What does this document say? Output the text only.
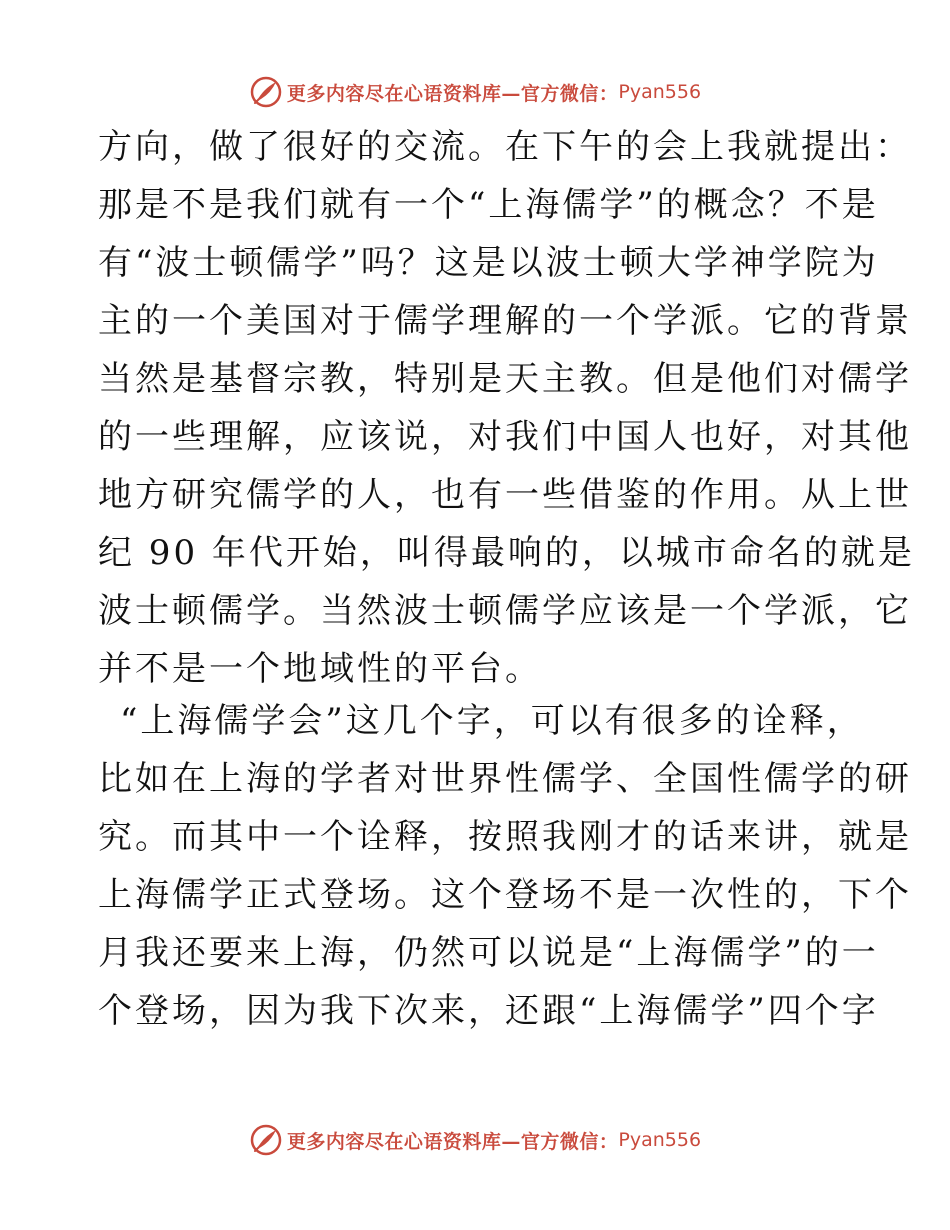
更多内容尽在心语资料库—官方微信： Pyan556
方向，做了很好的交流。在下午的会上我就提出：
那是不是我们就有一个“上海儒学”的概念？不是
有“波士顿儒学”吗？这是以波士顿大学神学院为
主的一个美国对于儒学理解的一个学派。它的背景
当然是基督宗教，特别是天主教。但是他们对儒学
的一些理解，应该说，对我们中国人也好，对其他
地方研究儒学的人，也有一些借鉴的作用。从上世
纪 90 年代开始，叫得最响的，以城市命名的就是
波士顿儒学。当然波士顿儒学应该是一个学派，它
并不是一个地域性的平台。
“上海儒学会”这几个字，可以有很多的诠释，
比如在上海的学者对世界性儒学、全国性儒学的研
究。而其中一个诠释，按照我刚才的话来讲，就是
上海儒学正式登场。这个登场不是一次性的，下个
月我还要来上海，仍然可以说是“上海儒学”的一
个登场，因为我下次来，还跟“上海儒学”四个字
更多内容尽在心语资料库—官方微信： Pyan556
